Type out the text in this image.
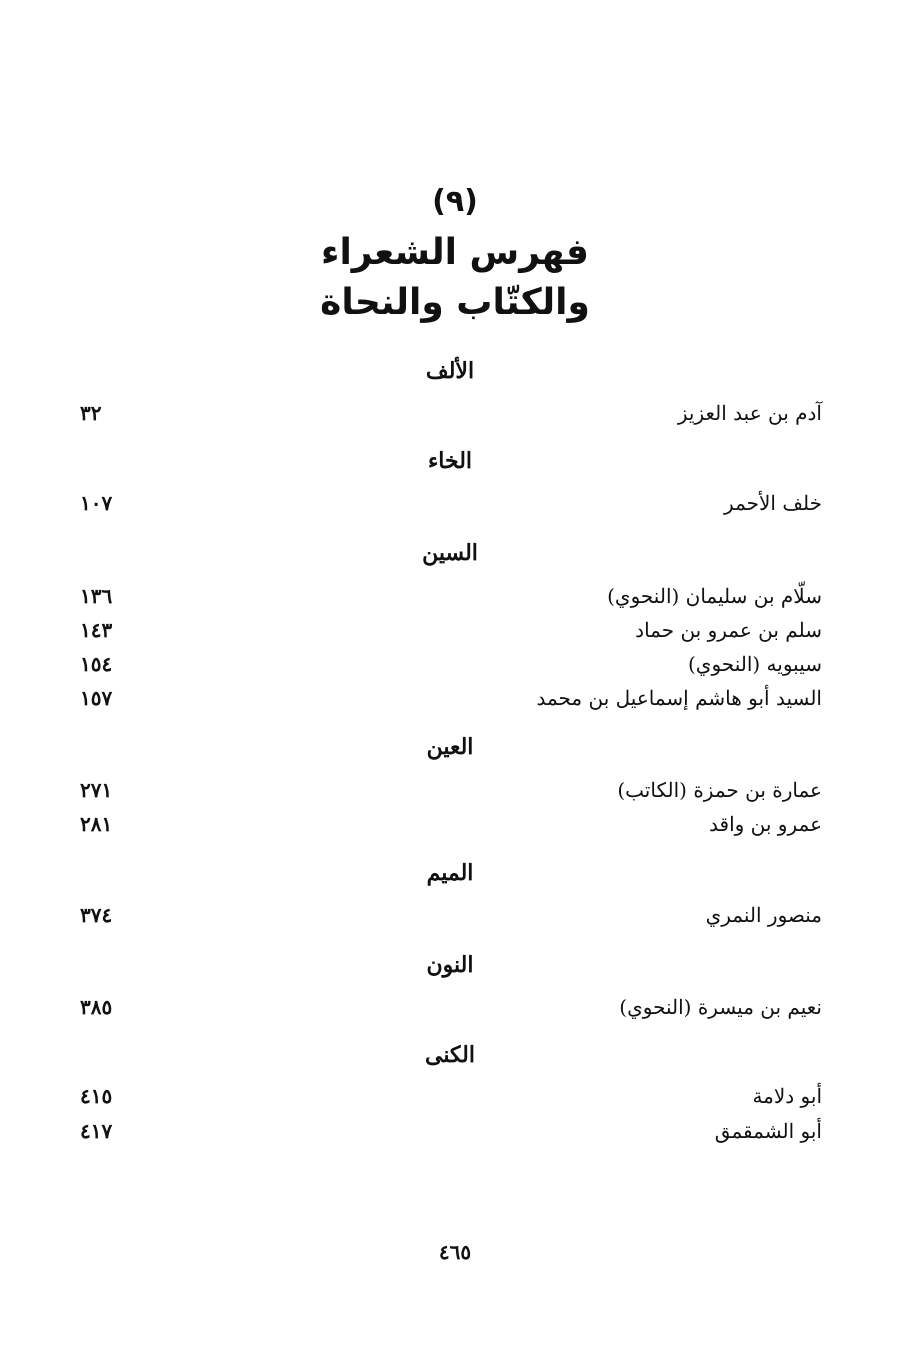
(٩)
فهرس الشعراء
والكتّاب والنحاة
الألف
آدم بن عبد العزيز
٣٢
الخاء
خلف الأحمر
١٠٧
السين
سلّام بن سليمان (النحوي)
١٣٦
سلم بن عمرو بن حماد
١٤٣
سيبويه (النحوي)
١٥٤
السيد أبو هاشم إسماعيل بن محمد
١٥٧
العين
عمارة بن حمزة (الكاتب)
٢٧١
عمرو بن واقد
٢٨١
الميم
منصور النمري
٣٧٤
النون
نعيم بن ميسرة (النحوي)
٣٨٥
الكنى
أبو دلامة
٤١٥
أبو الشمقمق
٤١٧
٤٦٥
